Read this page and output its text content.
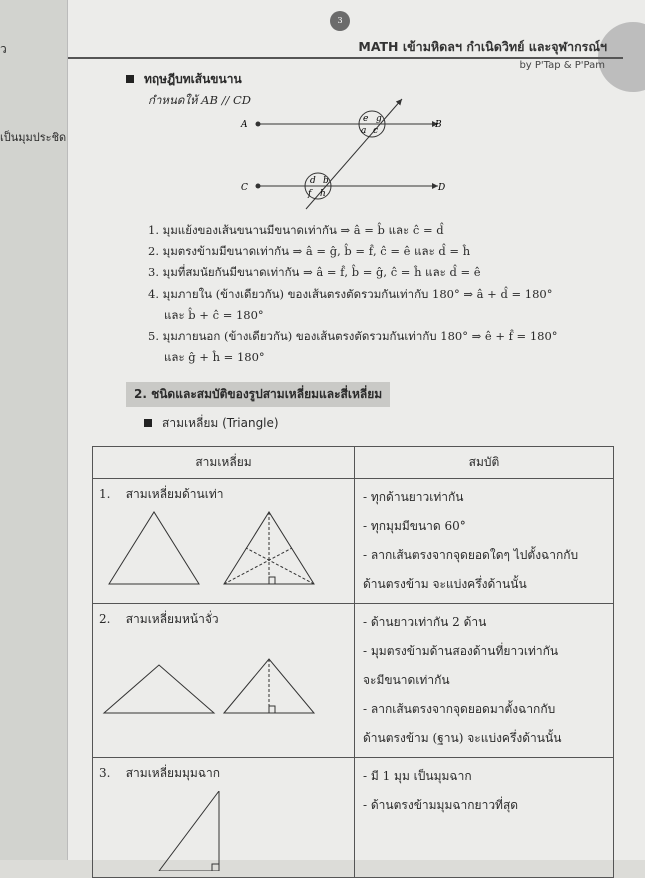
ว
เป็นมุมประชิด
3
MATH เข้ามหิดลฯ กำเนิดวิทย์ และจุฬากรณ์ฯ
by P'Tap & P'Pam
ทฤษฎีบทเส้นขนาน
กำหนดให้ AB // CD
A	B
C	D
e g
a c
d b
f h
1. มุมแย้งของเส้นขนานมีขนาดเท่ากัน ⇒ â = b̂ และ ĉ = d̂
2. มุมตรงข้ามมีขนาดเท่ากัน ⇒ â = ĝ, b̂ = f̂, ĉ = ê และ d̂ = ĥ
3. มุมที่สมนัยกันมีขนาดเท่ากัน ⇒ â = f̂, b̂ = ĝ, ĉ = ĥ และ d̂ = ê
4. มุมภายใน (ข้างเดียวกัน) ของเส้นตรงตัดรวมกันเท่ากับ 180° ⇒ â + d̂ = 180°
และ b̂ + ĉ = 180°
5. มุมภายนอก (ข้างเดียวกัน) ของเส้นตรงตัดรวมกันเท่ากับ 180° ⇒ ê + f̂ = 180°
และ ĝ + ĥ = 180°
2. ชนิดและสมบัติของรูปสามเหลี่ยมและสี่เหลี่ยม
สามเหลี่ยม (Triangle)
สามเหลี่ยม	สมบัติ
1. สามเหลี่ยมด้านเท่า	- ทุกด้านยาวเท่ากัน
- ทุกมุมมีขนาด 60°
- ลากเส้นตรงจากจุดยอดใดๆ ไปตั้งฉากกับ
ด้านตรงข้าม จะแบ่งครึ่งด้านนั้น

2. สามเหลี่ยมหน้าจั่ว	- ด้านยาวเท่ากัน 2 ด้าน
- มุมตรงข้ามด้านสองด้านที่ยาวเท่ากัน
จะมีขนาดเท่ากัน
- ลากเส้นตรงจากจุดยอดมาตั้งฉากกับ
ด้านตรงข้าม (ฐาน) จะแบ่งครึ่งด้านนั้น

3. สามเหลี่ยมมุมฉาก	- มี 1 มุม เป็นมุมฉาก
- ด้านตรงข้ามมุมฉากยาวที่สุด
